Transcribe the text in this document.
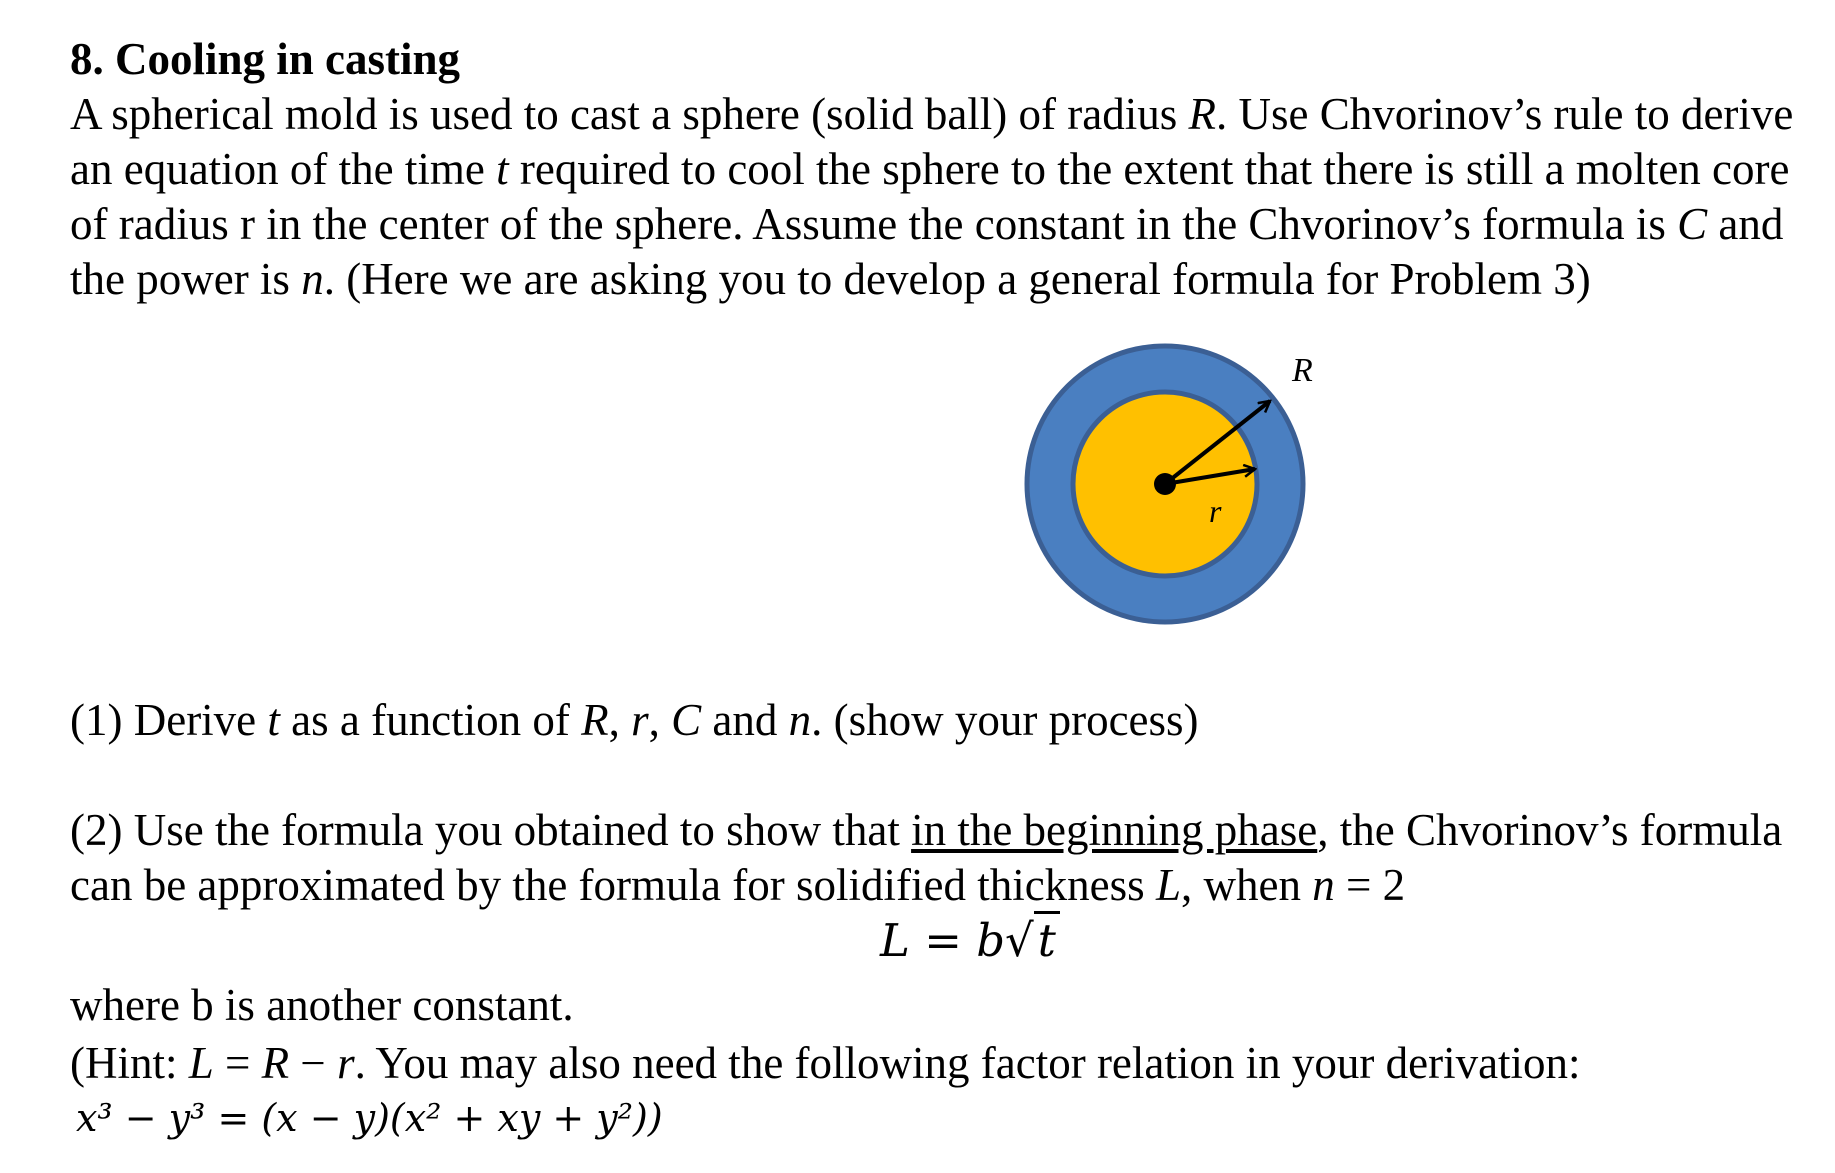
8. Cooling in casting
A spherical mold is used to cast a sphere (solid ball) of radius R. Use Chvorinov’s rule to derive an equation of the time t required to cool the sphere to the extent that there is still a molten core of radius r in the center of the sphere. Assume the constant in the Chvorinov’s formula is C and the power is n. (Here we are asking you to develop a general formula for Problem 3)
R
r
(1) Derive t as a function of R, r, C and n. (show your process)
(2) Use the formula you obtained to show that in the beginning phase, the Chvorinov’s formula can be approximated by the formula for solidified thickness L, when n = 2
L = b√t
where b is another constant.
(Hint: L = R − r. You may also need the following factor relation in your derivation:
x³ − y³ = (x − y)(x² + xy + y²))
